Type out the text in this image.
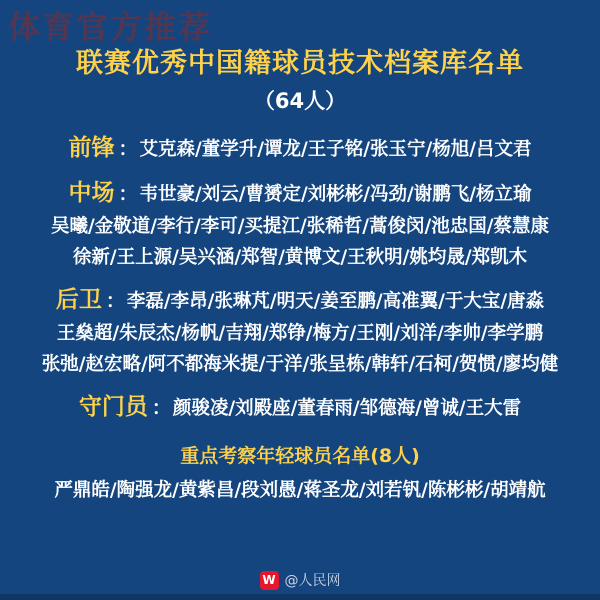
体育官方推荐
联赛优秀中国籍球员技术档案库名单
（64人）
前锋 ： 艾克森/董学升/谭龙/王子铭/张玉宁/杨旭/吕文君
中场 ： 韦世豪/刘云/曹赟定/刘彬彬/冯劲/谢鹏飞/杨立瑜
吴曦/金敬道/李行/李可/买提江/张稀哲/蒿俊闵/池忠国/蔡慧康
徐新/王上源/吴兴涵/郑智/黄博文/王秋明/姚均晟/郑凯木
后卫 ： 李磊/李昂/张琳芃/明天/姜至鹏/高准翼/于大宝/唐淼
王燊超/朱辰杰/杨帆/吉翔/郑铮/梅方/王刚/刘洋/李帅/李学鹏
张弛/赵宏略/阿不都海米提/于洋/张呈栋/韩轩/石柯/贺惯/廖均健
守门员 ： 颜骏凌/刘殿座/董春雨/邹德海/曾诚/王大雷
重点考察年轻球员名单(8人)
严鼎皓/陶强龙/黄紫昌/段刘愚/蒋圣龙/刘若钒/陈彬彬/胡靖航
W @人民网
